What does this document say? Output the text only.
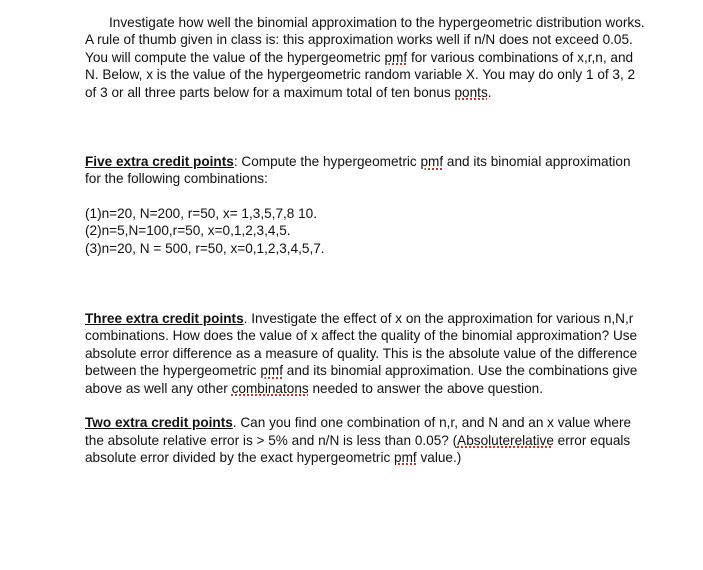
Investigate how well the binomial approximation to the hypergeometric distribution works. A rule of thumb given in class is: this approximation works well if n/N does not exceed 0.05. You will compute the value of the hypergeometric pmf for various combinations of x,r,n, and N. Below, x is the value of the hypergeometric random variable X. You may do only 1 of 3, 2 of 3 or all three parts below for a maximum total of ten bonus ponts.

Five extra credit points: Compute the hypergeometric pmf and its binomial approximation for the following combinations:

(1)n=20, N=200, r=50, x= 1,3,5,7,8 10.

(2)n=5,N=100,r=50, x=0,1,2,3,4,5.

(3)n=20, N = 500, r=50, x=0,1,2,3,4,5,7.

Three extra credit points. Investigate the effect of x on the approximation for various n,N,r combinations. How does the value of x affect the quality of the binomial approximation? Use absolute error difference as a measure of quality. This is the absolute value of the difference between the hypergeometric pmf and its binomial approximation. Use the combinations give above as well any other combinatons needed to answer the above question.

Two extra credit points. Can you find one combination of n,r, and N and an x value where the absolute relative error is > 5% and n/N is less than 0.05? (Absoluterelative error equals absolute error divided by the exact hypergeometric pmf value.)
